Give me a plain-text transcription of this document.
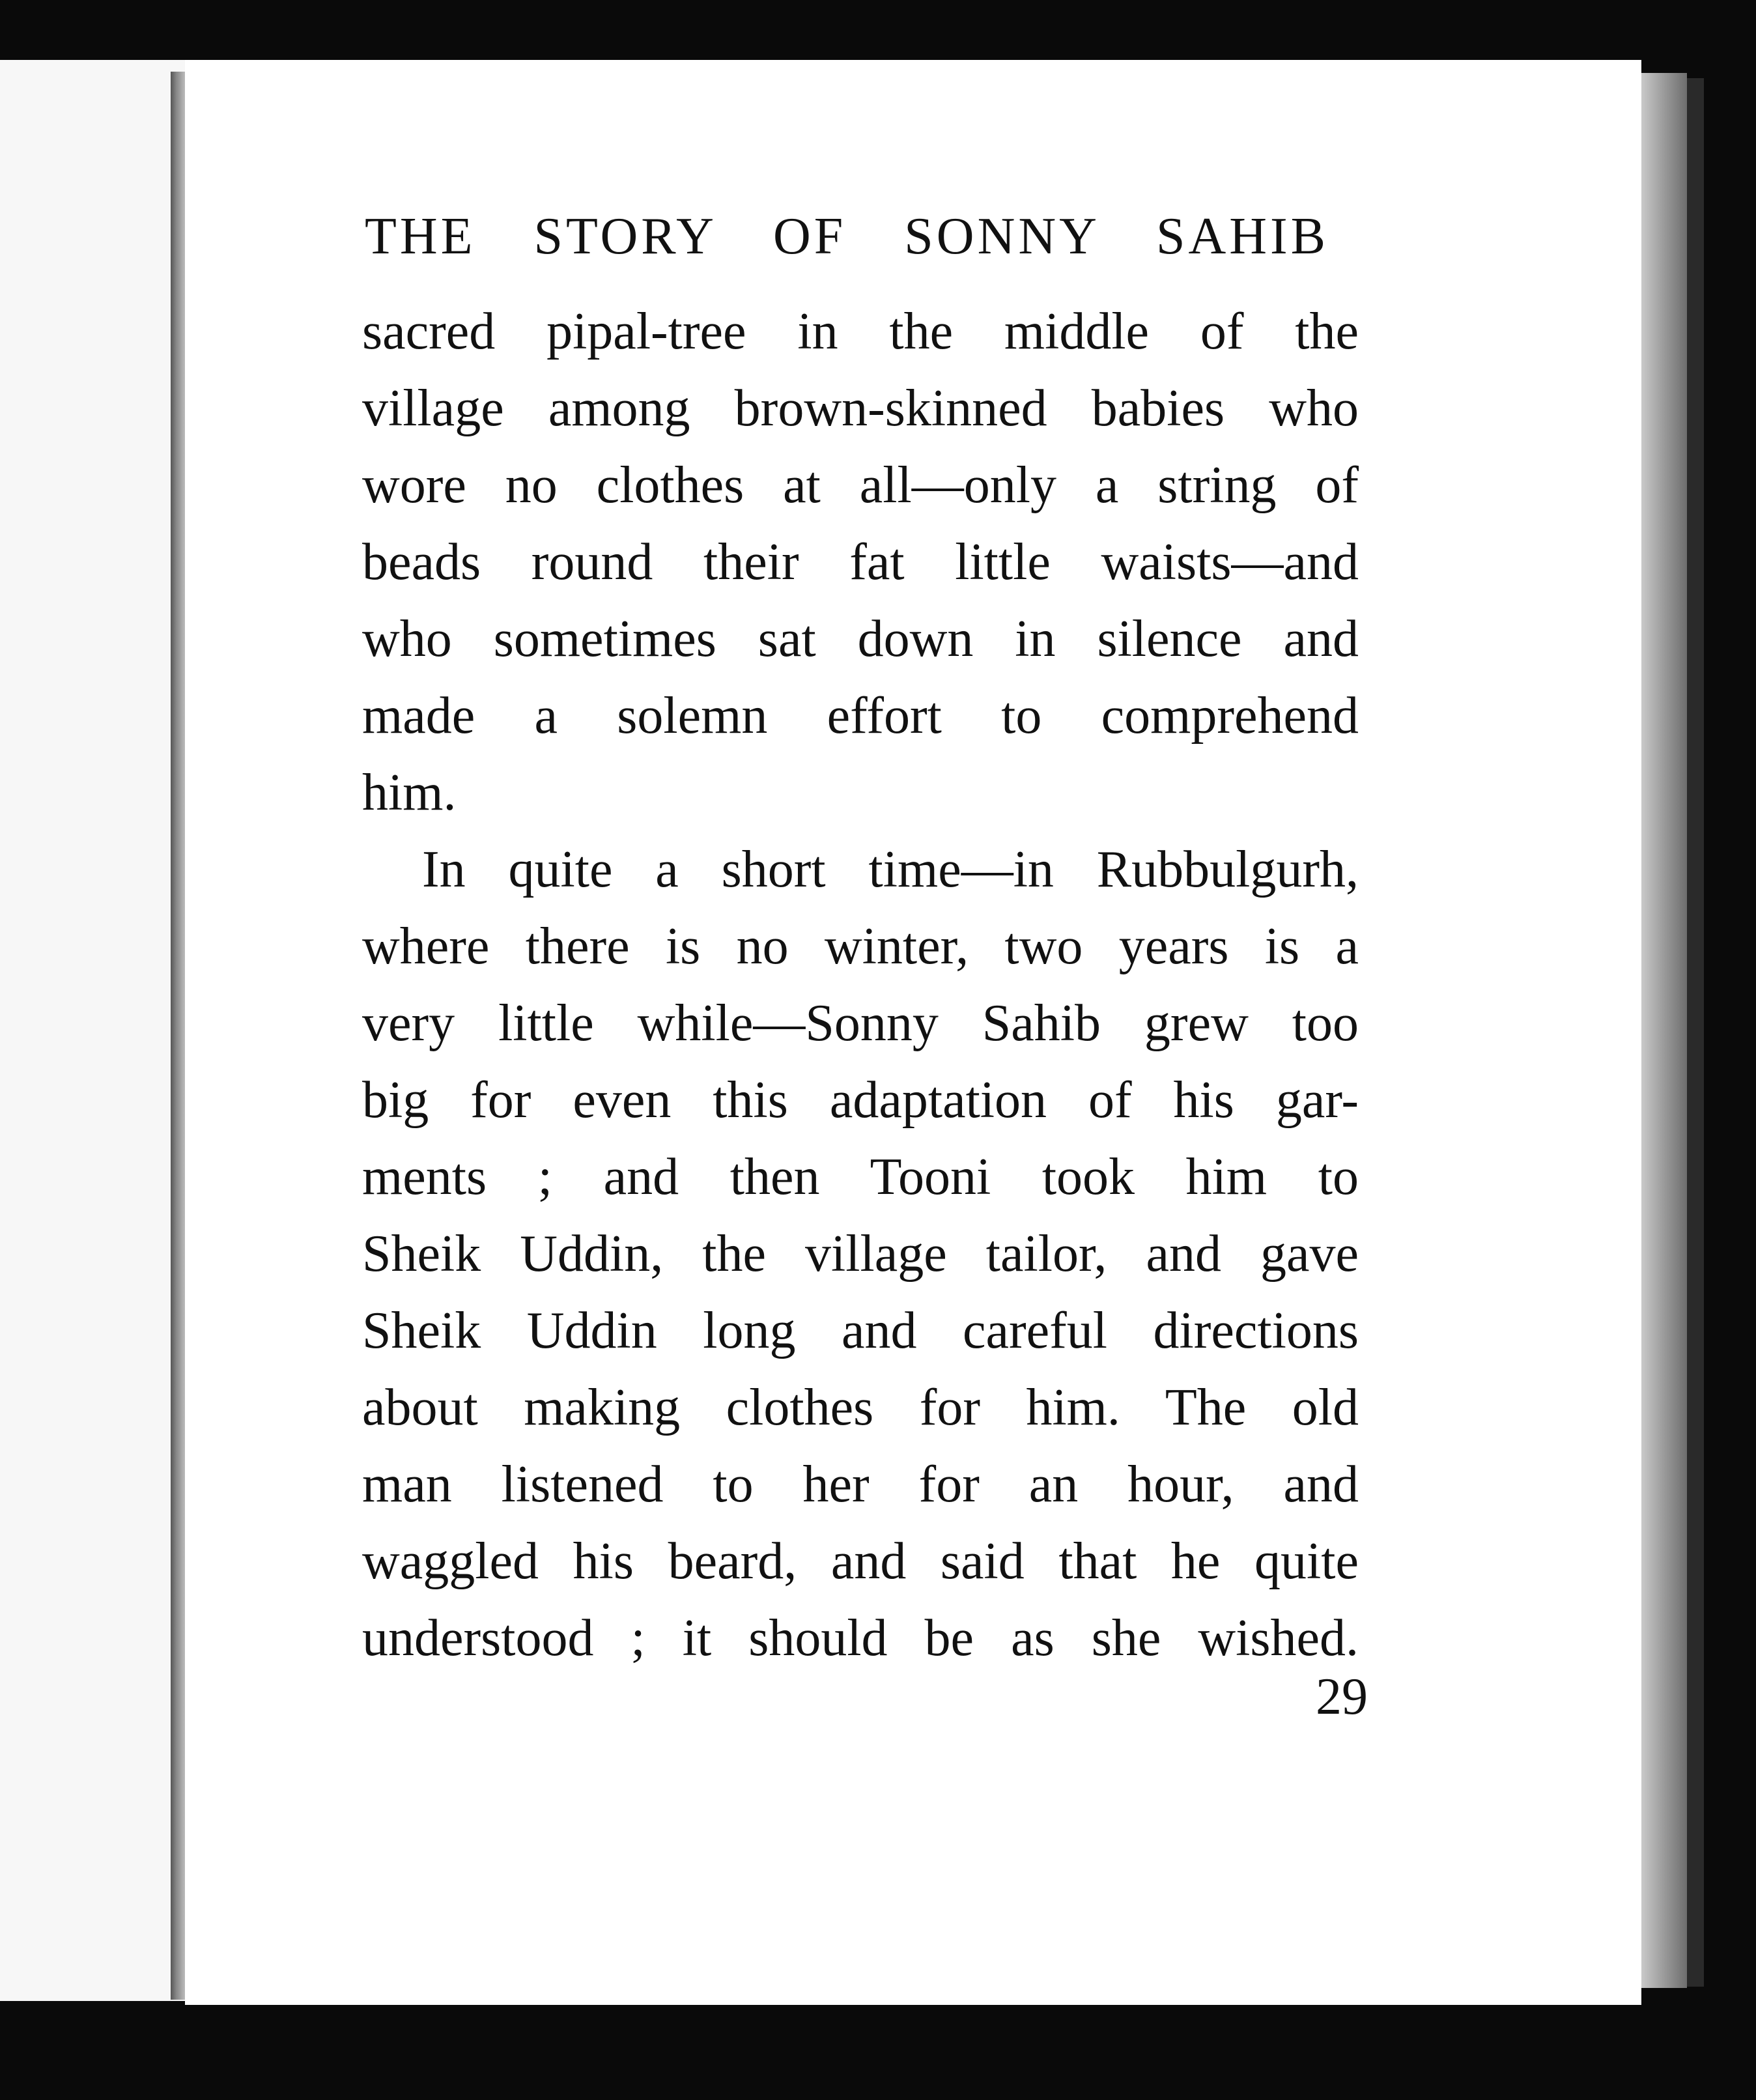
THE STORY OF SONNY SAHIB
sacred pipal-tree in the middle of the
village among brown-skinned babies who
wore no clothes at all—only a string of
beads round their fat little waists—and
who sometimes sat down in silence and
made a solemn effort to comprehend
him.
In quite a short time—in Rubbulgurh,
where there is no winter, two years is a
very little while—Sonny Sahib grew too
big for even this adaptation of his gar-
ments ; and then Tooni took him to
Sheik Uddin, the village tailor, and gave
Sheik Uddin long and careful directions
about making clothes for him. The old
man listened to her for an hour, and
waggled his beard, and said that he quite
understood ; it should be as she wished.
29
